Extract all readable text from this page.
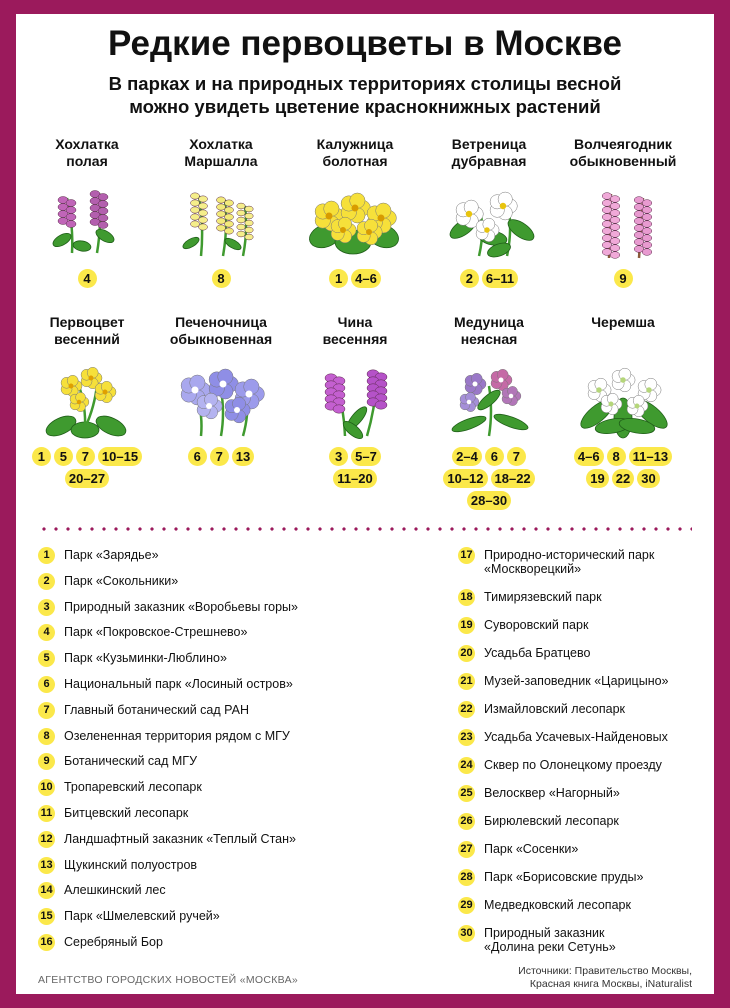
Редкие первоцветы в Москве
В парках и на природных территориях столицы весной
можно увидеть цветение краснокнижных растений
Хохлатка
полая
4
Хохлатка
Маршалла
8
Калужница
болотная
1 4–6
Ветреница
дубравная
2 6–11
Волчеягодник
обыкновенный
9
Первоцвет
весенний
1	5	7 10–15
20–27
Печеночница
обыкновенная
6	7 13
Чина
весенняя
3 5–7
11–20
Медуница
неясная
2–4 6	7
10–12 18–22
28–30
Черемша
4–6 8 11–13
19 22 30
1	Парк «Зарядье»
2	Парк «Сокольники»
3	Природный заказник «Воробьевы горы»
4	Парк «Покровское-Стрешнево»
5	Парк «Кузьминки-Люблино»
6	Национальный парк «Лосиный остров»
7	Главный ботанический сад РАН
8	Озелененная территория рядом с МГУ
9	Ботанический сад МГУ
10 Тропаревский лесопарк
11 Битцевский лесопарк
12 Ландшафтный заказник «Теплый Стан»
13 Щукинский полуостров
14 Алешкинский лес
15 Парк «Шмелевский ручей»
16 Серебряный Бор
17 Природно-исторический парк
«Москворецкий»
18 Тимирязевский парк
19 Суворовский парк
20 Усадьба Братцево
21 Музей-заповедник «Царицыно»
22 Измайловский лесопарк
23 Усадьба Усачевых-Найденовых
24 Сквер по Олонецкому проезду
25 Велосквер «Нагорный»
26 Бирюлевский лесопарк
27 Парк «Сосенки»
28 Парк «Борисовские пруды»
29 Медведковский лесопарк
30 Природный заказник
«Долина реки Сетунь»
АГЕНТСТВО ГОРОДСКИХ НОВОСТЕЙ «МОСКВА»
Источники: Правительство Москвы,
Красная книга Москвы, iNaturalist
